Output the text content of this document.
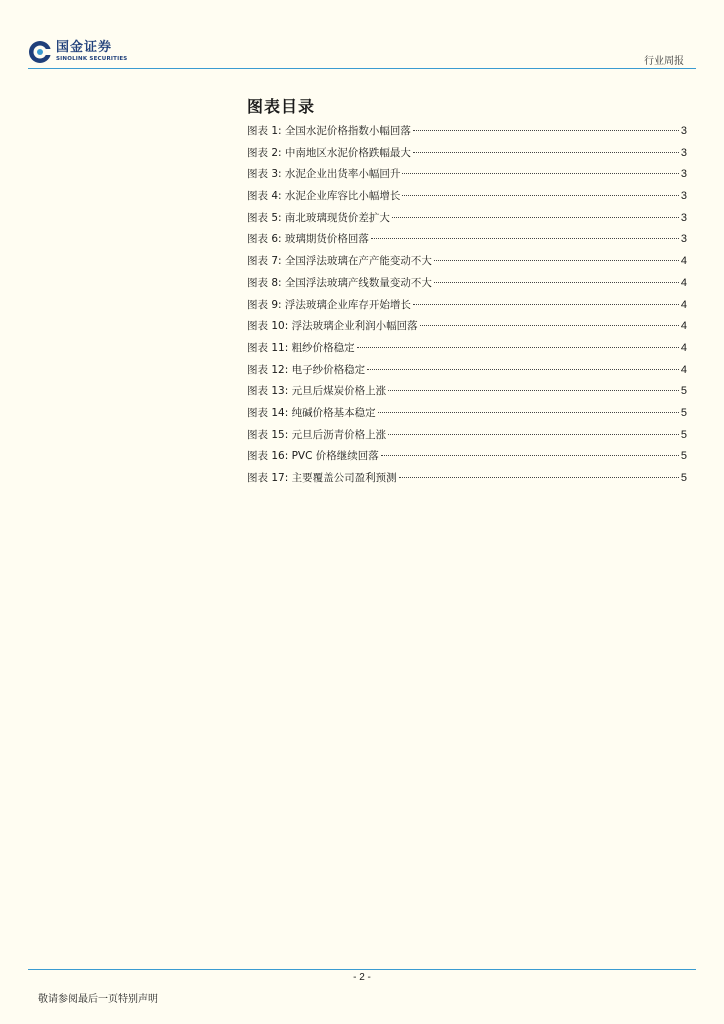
国金证券
SINOLINK SECURITIES	行业周报
图表目录
图表 1: 全国水泥价格指数小幅回落	3
图表 2: 中南地区水泥价格跌幅最大	3
图表 3: 水泥企业出货率小幅回升	3
图表 4: 水泥企业库容比小幅增长	3
图表 5: 南北玻璃现货价差扩大	3
图表 6: 玻璃期货价格回落	3
图表 7: 全国浮法玻璃在产产能变动不大	4
图表 8: 全国浮法玻璃产线数量变动不大	4
图表 9: 浮法玻璃企业库存开始增长	4
图表 10: 浮法玻璃企业利润小幅回落	4
图表 11: 粗纱价格稳定	4
图表 12: 电子纱价格稳定	4
图表 13: 元旦后煤炭价格上涨	5
图表 14: 纯碱价格基本稳定	5
图表 15: 元旦后沥青价格上涨	5
图表 16: PVC 价格继续回落	5
图表 17: 主要覆盖公司盈利预测	5
- 2 -
敬请参阅最后一页特别声明
